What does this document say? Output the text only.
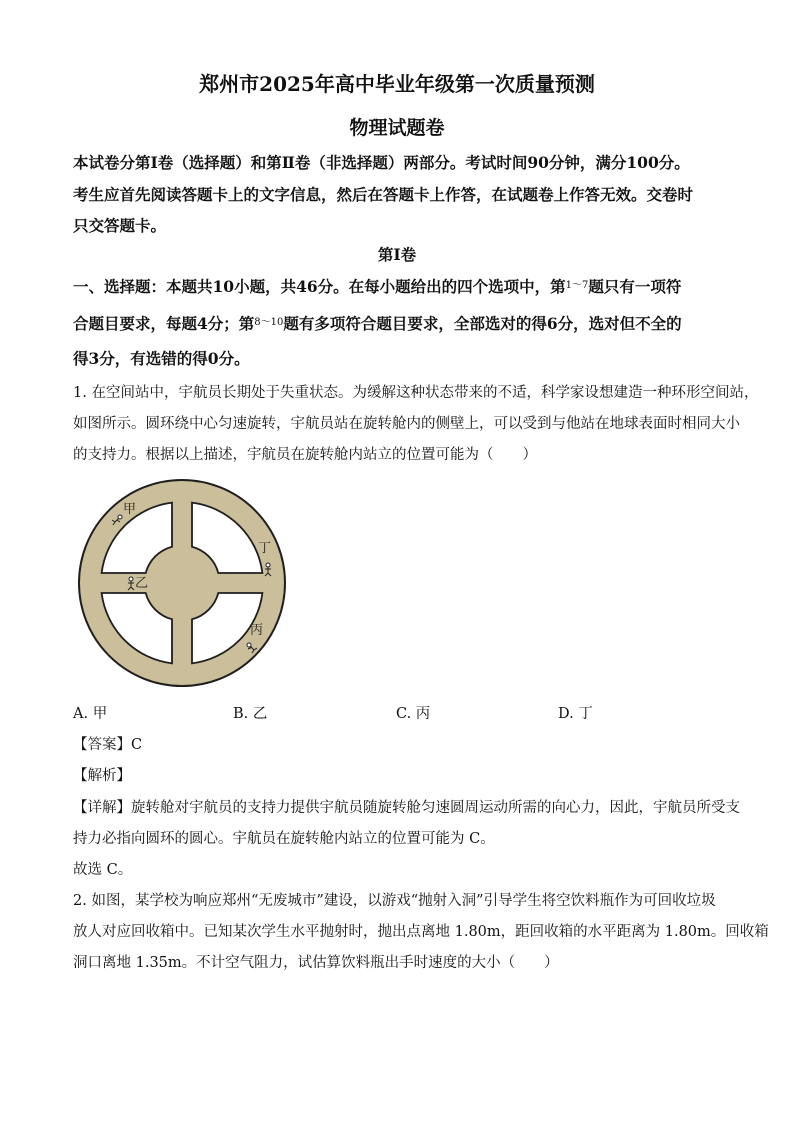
郑州市2025年高中毕业年级第一次质量预测
物理试题卷
本试卷分第Ⅰ卷（选择题）和第Ⅱ卷（非选择题）两部分。考试时间90分钟，满分100分。
考生应首先阅读答题卡上的文字信息，然后在答题卡上作答，在试题卷上作答无效。交卷时
只交答题卡。
第Ⅰ卷
一、选择题：本题共10小题，共46分。在每小题给出的四个选项中，第$^{1\sim 7}$题只有一项符
合题目要求，每题4分；第$^{8\sim 10}$题有多项符合题目要求，全部选对的得6分，选对但不全的
得3分，有选错的得0分。
1. 在空间站中，宇航员长期处于失重状态。为缓解这种状态带来的不适，科学家设想建造一种环形空间站，
如图所示。圆环绕中心匀速旋转，宇航员站在旋转舱内的侧壁上，可以受到与他站在地球表面时相同大小
的支持力。根据以上描述，宇航员在旋转舱内站立的位置可能为（　　）
甲
乙
丁
丙
A. 甲	B. 乙	C. 丙	D. 丁
【答案】C
【解析】
【详解】旋转舱对宇航员的支持力提供宇航员随旋转舱匀速圆周运动所需的向心力，因此，宇航员所受支
持力必指向圆环的圆心。宇航员在旋转舱内站立的位置可能为 C。
故选 C。
2. 如图，某学校为响应郑州“无废城市”建设，以游戏“抛射入洞”引导学生将空饮料瓶作为可回收垃圾
放人对应回收箱中。已知某次学生水平抛射时，抛出点离地 1.80m，距回收箱的水平距离为 1.80m。回收箱
洞口离地 1.35m。不计空气阻力，试估算饮料瓶出手时速度的大小（　　）
